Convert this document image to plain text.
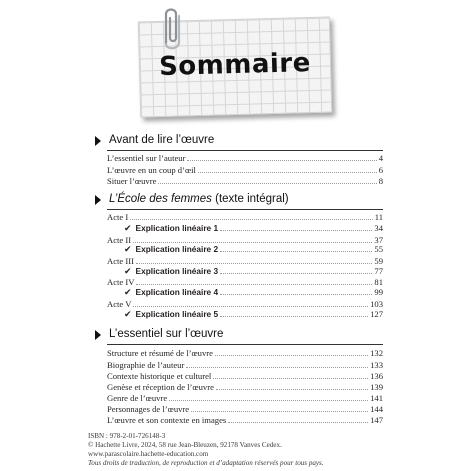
Sommaire
Avant de lire l’œuvre
L’essentiel sur l’auteur	4
L’œuvre en un coup d’œil	6
Situer l’œuvre	8
L’École des femmes (texte intégral)
Acte I	11
✔ Explication linéaire 1	34
Acte II	37
✔ Explication linéaire 2	55
Acte III	59
✔ Explication linéaire 3	77
Acte IV	81
✔ Explication linéaire 4	99
Acte V	103
✔ Explication linéaire 5	127
L’essentiel sur l’œuvre
Structure et résumé de l’œuvre	132
Biographie de l’auteur	133
Contexte historique et culturel	136
Genèse et réception de l’œuvre	139
Genre de l’œuvre	141
Personnages de l’œuvre	144
L’œuvre et son contexte en images	147
ISBN : 978-2-01-726148-3
© Hachette Livre, 2024, 58 rue Jean-Bleuzen, 92178 Vanves Cedex.
www.parascolaire.hachette-education.com
Tous droits de traduction, de reproduction et d’adaptation réservés pour tous pays.
